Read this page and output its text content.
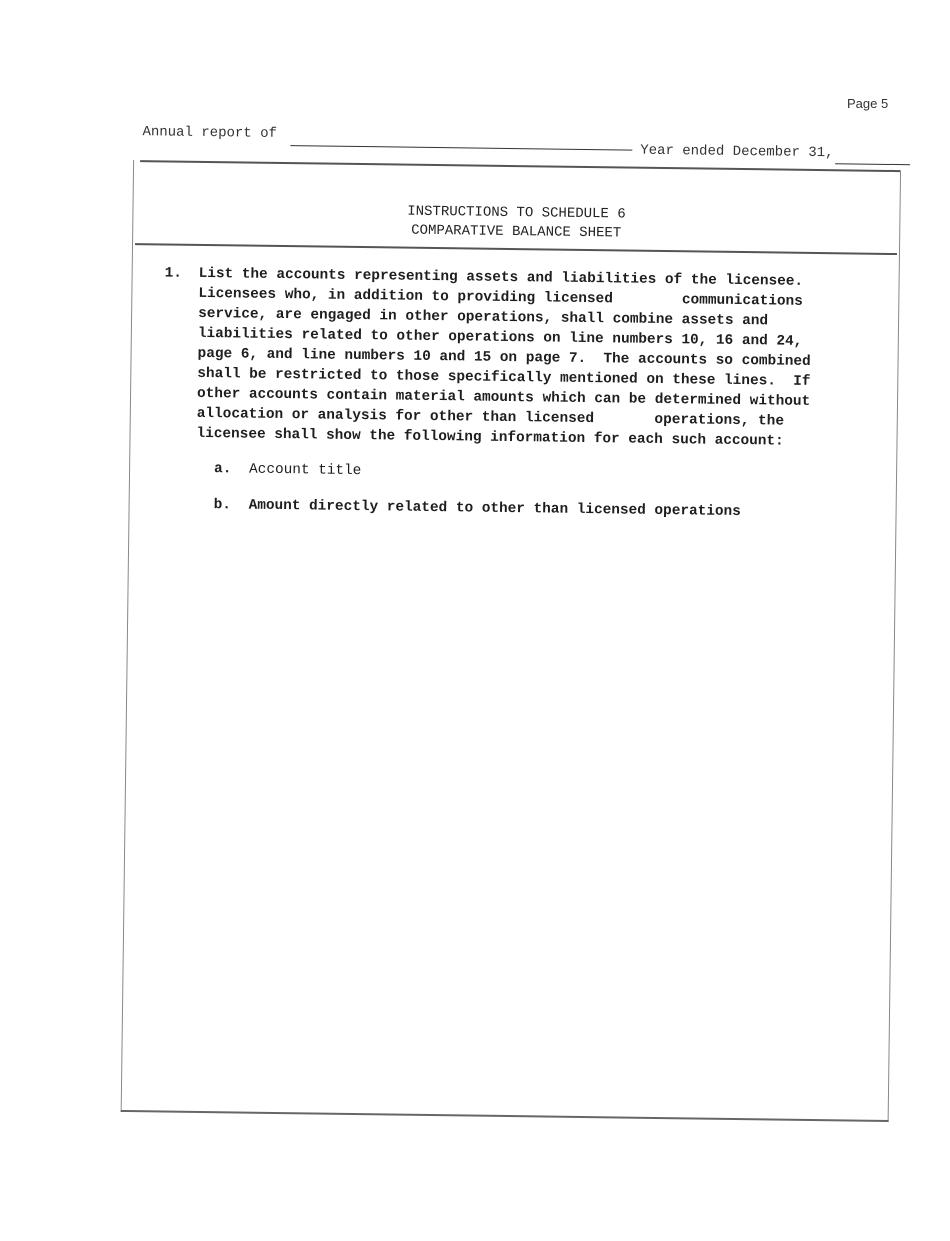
Page 5
Annual report of
Year ended December 31,
INSTRUCTIONS TO SCHEDULE 6
COMPARATIVE BALANCE SHEET
1. List the accounts representing assets and liabilities of the licensee.
Licensees who, in addition to providing licensed        communications
service, are engaged in other operations, shall combine assets and
liabilities related to other operations on line numbers 10, 16 and 24,
page 6, and line numbers 10 and 15 on page 7.  The accounts so combined
shall be restricted to those specifically mentioned on these lines.  If
other accounts contain material amounts which can be determined without
allocation or analysis for other than licensed       operations, the
licensee shall show the following information for each such account:
a. Account title
b. Amount directly related to other than licensed operations
